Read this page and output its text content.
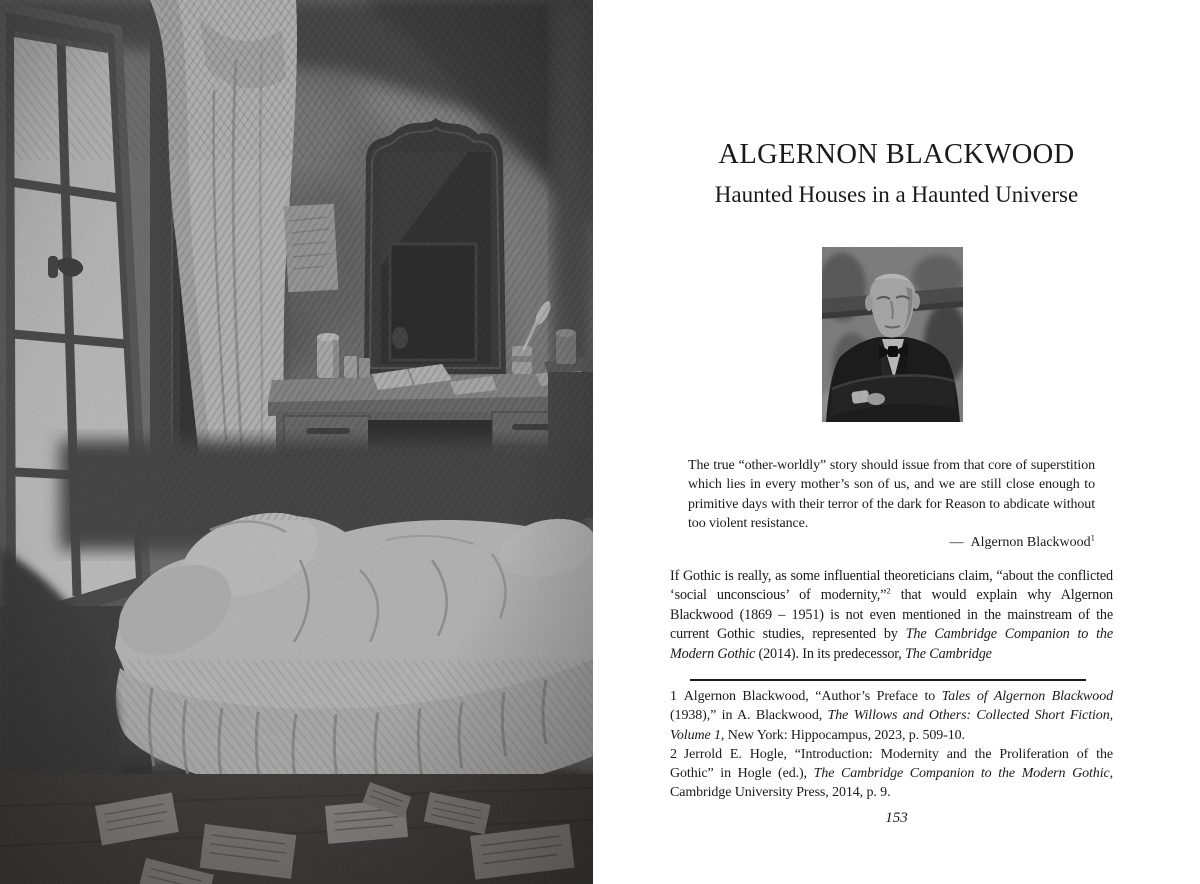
ALGERNON BLACKWOOD
Haunted Houses in a Haunted Universe
The true “other-worldly” story should issue from that core of superstition which lies in every mother’s son of us, and we are still close enough to primitive days with their terror of the dark for Reason to abdicate without too violent resistance.
— Algernon Blackwood$^1$

If Gothic is really, as some influential theoreticians claim, “about the conflicted ‘social unconscious’ of modernity,”$^2$ that would explain why Algernon Blackwood (1869 – 1951) is not even mentioned in the mainstream of the current Gothic studies, represented by The Cambridge Companion to the Modern Gothic (2014). In its predecessor, The Cambridge

1 Algernon Blackwood, “Author’s Preface to Tales of Algernon Blackwood (1938),” in A. Blackwood, The Willows and Others: Collected Short Fiction, Volume 1, New York: Hippocampus, 2023, p. 509-10.
2 Jerrold E. Hogle, “Introduction: Modernity and the Proliferation of the Gothic” in Hogle (ed.), The Cambridge Companion to the Modern Gothic, Cambridge University Press, 2014, p. 9.
153
